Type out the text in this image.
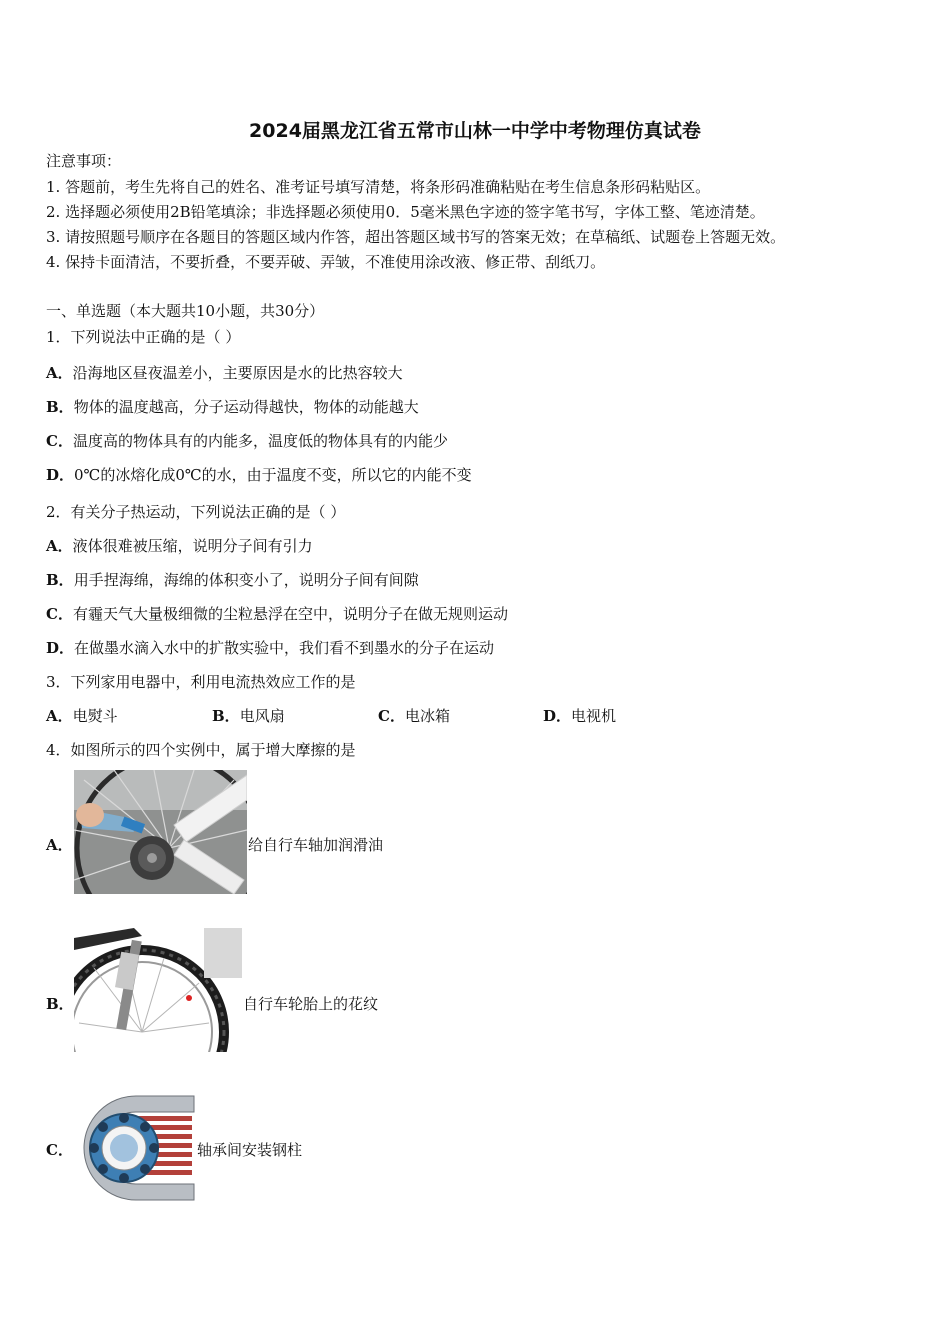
2024届黑龙江省五常市山林一中学中考物理仿真试卷
注意事项：
1. 答题前，考生先将自己的姓名、准考证号填写清楚，将条形码准确粘贴在考生信息条形码粘贴区。
2. 选择题必须使用2B铅笔填涂；非选择题必须使用0．5毫米黑色字迹的签字笔书写，字体工整、笔迹清楚。
3. 请按照题号顺序在各题目的答题区域内作答，超出答题区域书写的答案无效；在草稿纸、试题卷上答题无效。
4. 保持卡面清洁，不要折叠，不要弄破、弄皱，不准使用涂改液、修正带、刮纸刀。
一、单选题（本大题共10小题，共30分）
1．下列说法中正确的是（ ）
A．沿海地区昼夜温差小，主要原因是水的比热容较大
B．物体的温度越高，分子运动得越快，物体的动能越大
C．温度高的物体具有的内能多，温度低的物体具有的内能少
D．0℃的冰熔化成0℃的水，由于温度不变，所以它的内能不变
2．有关分子热运动，下列说法正确的是（ ）
A．液体很难被压缩，说明分子间有引力
B．用手捏海绵，海绵的体积变小了，说明分子间有间隙
C．有霾天气大量极细微的尘粒悬浮在空中，说明分子在做无规则运动
D．在做墨水滴入水中的扩散实验中，我们看不到墨水的分子在运动
3．下列家用电器中，利用电流热效应工作的是
A．电熨斗	B．电风扇	C．电冰箱	D．电视机
4．如图所示的四个实例中，属于增大摩擦的是
A．	给自行车轴加润滑油
B．	自行车轮胎上的花纹
C．	轴承间安装钢柱
